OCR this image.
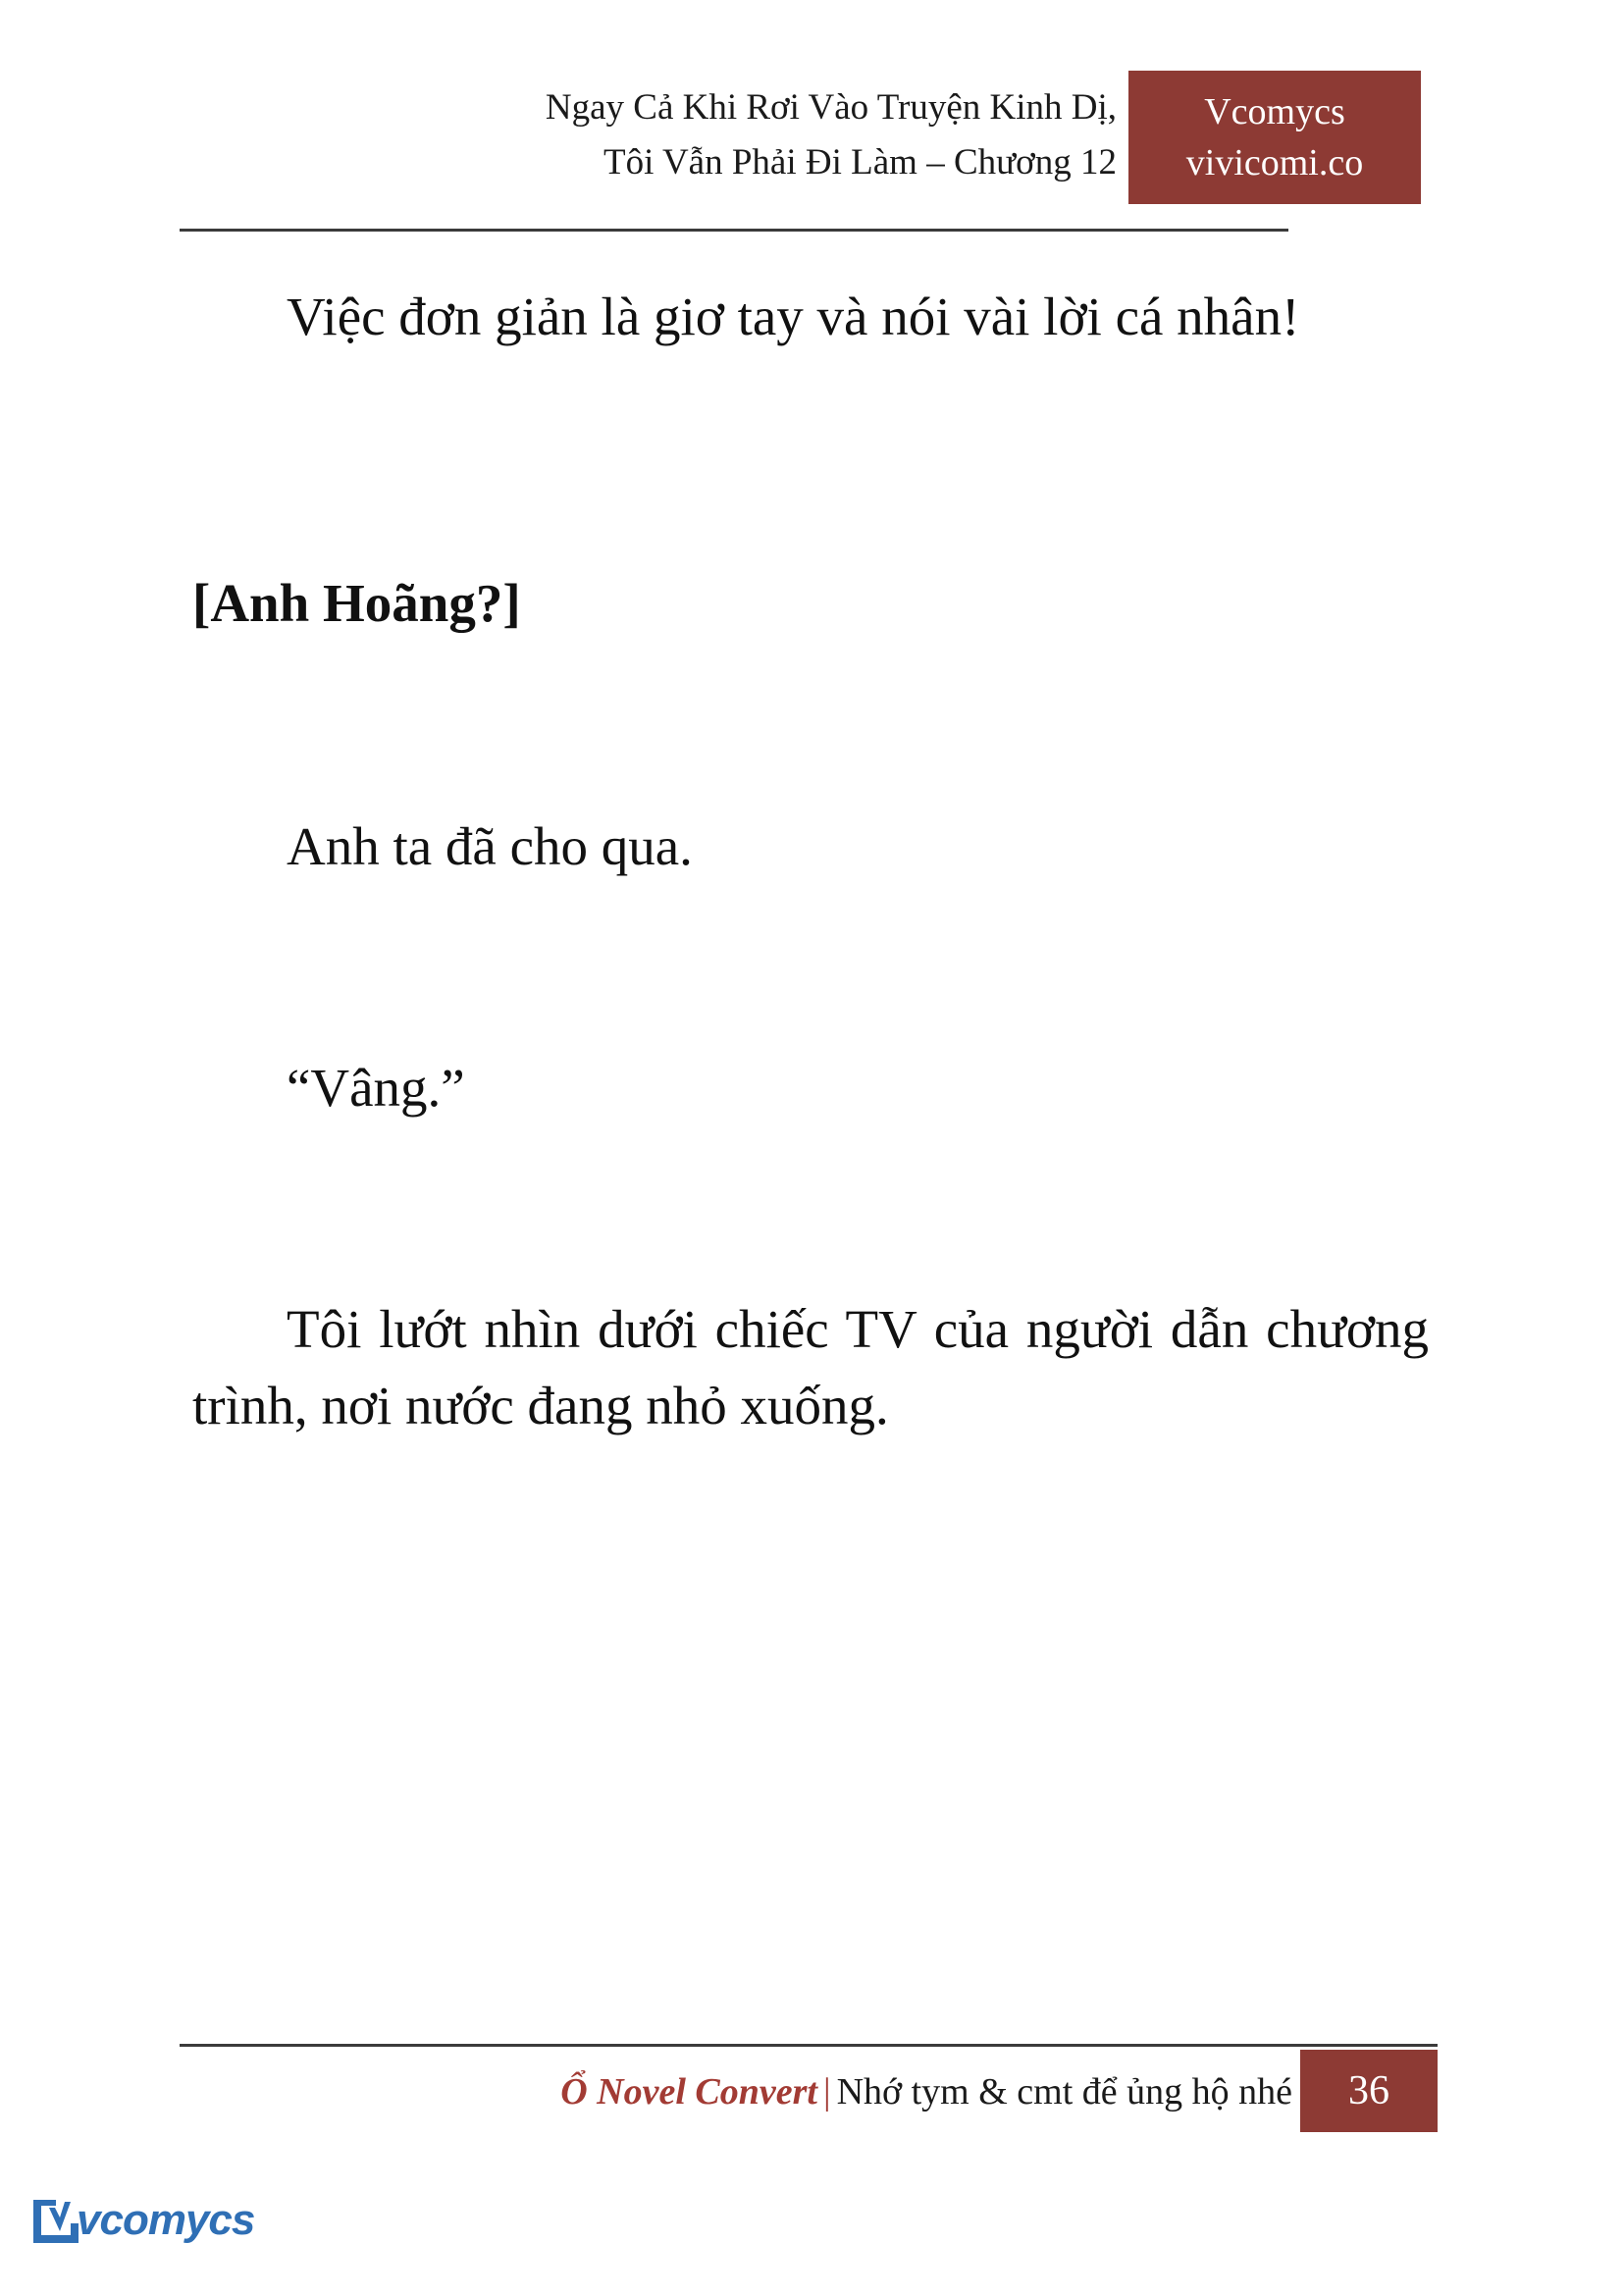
Ngay Cả Khi Rơi Vào Truyện Kinh Dị,
Tôi Vẫn Phải Đi Làm – Chương 12
Vcomycs
vivicomi.co

Việc đơn giản là giơ tay và nói vài lời cá nhân!

[Anh Hoãng?]

Anh ta đã cho qua.

“Vâng.”

Tôi lướt nhìn dưới chiếc TV của người dẫn chương trình, nơi nước đang nhỏ xuống.

Ổ Novel Convert | Nhớ tym & cmt để ủng hộ nhé	36
vcomycs
